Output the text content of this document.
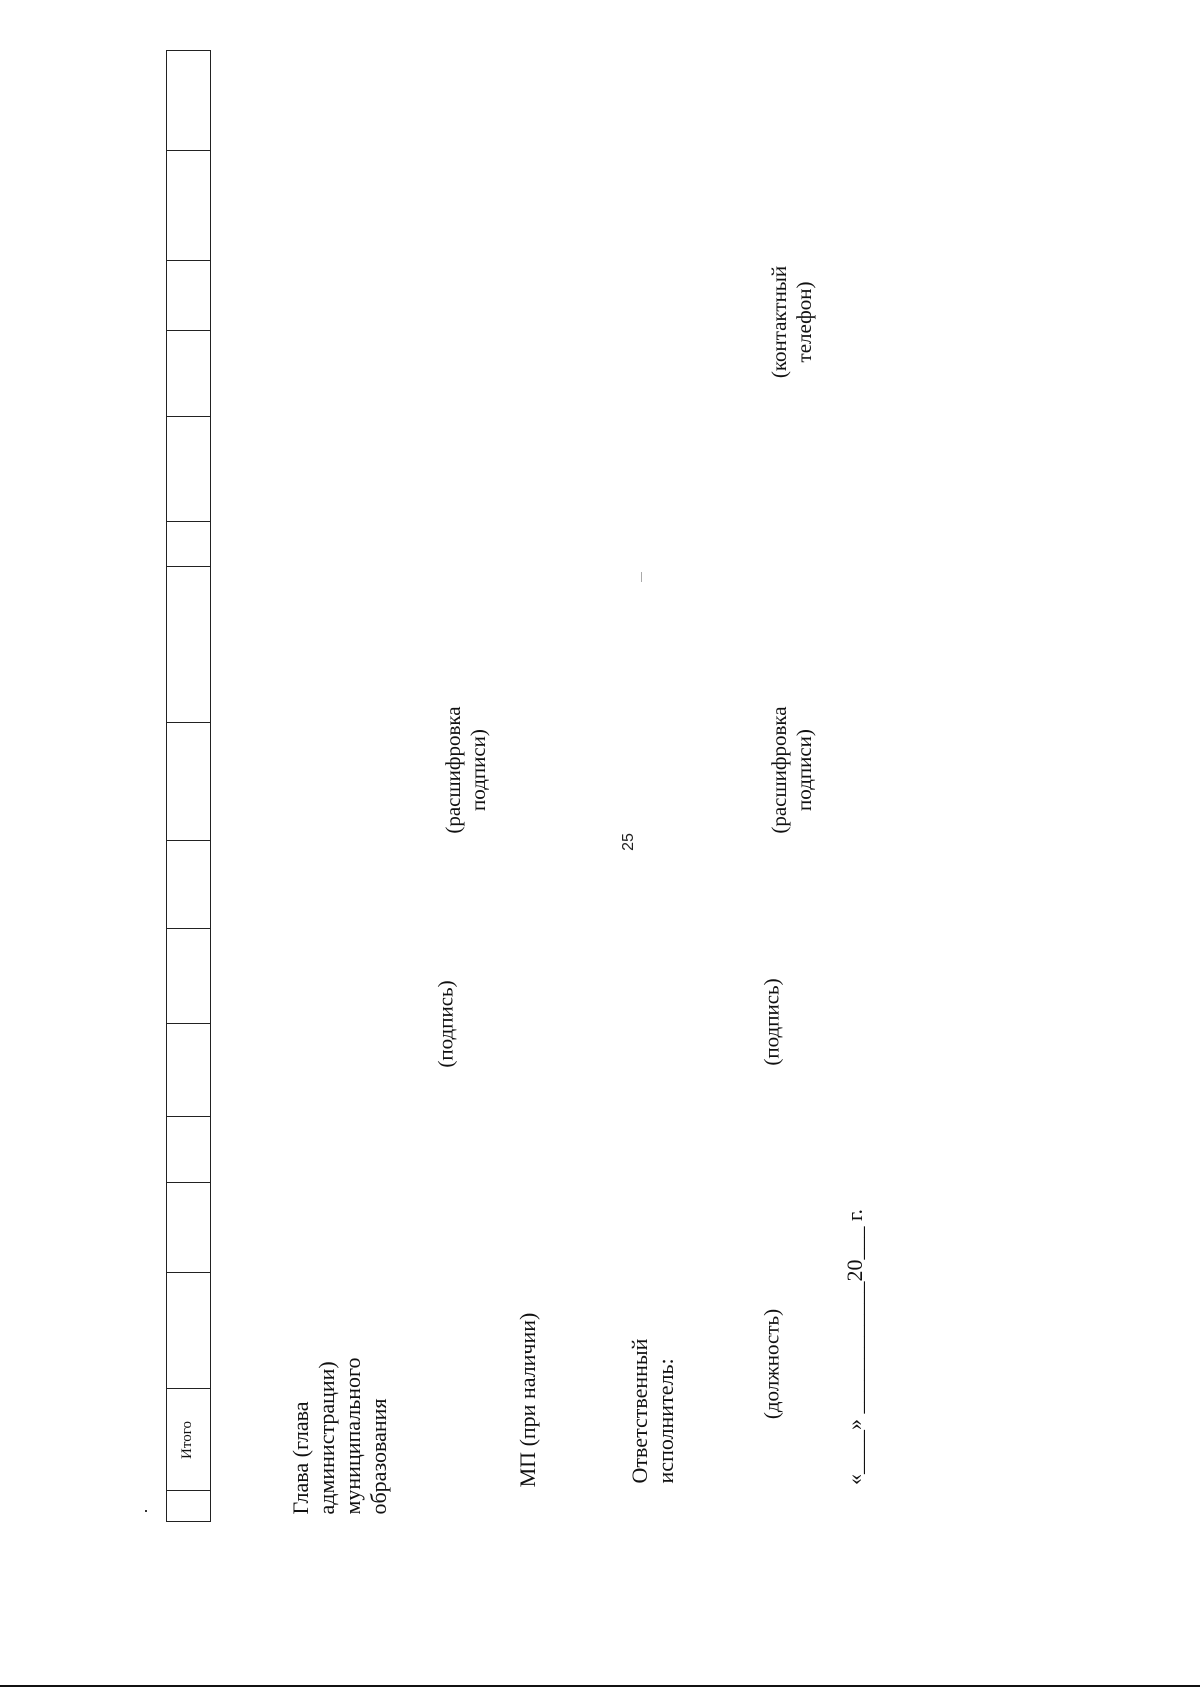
25
Итого
Глава (глава
администрации)
муниципального
образования
(подпись)
(расшифровка
подписи)
МП (при наличии)	Ответственный
исполнитель:	(должность)
(подпись)
(расшифровка
подписи)
(контактный
телефон)
«____» ____________20___ г.
